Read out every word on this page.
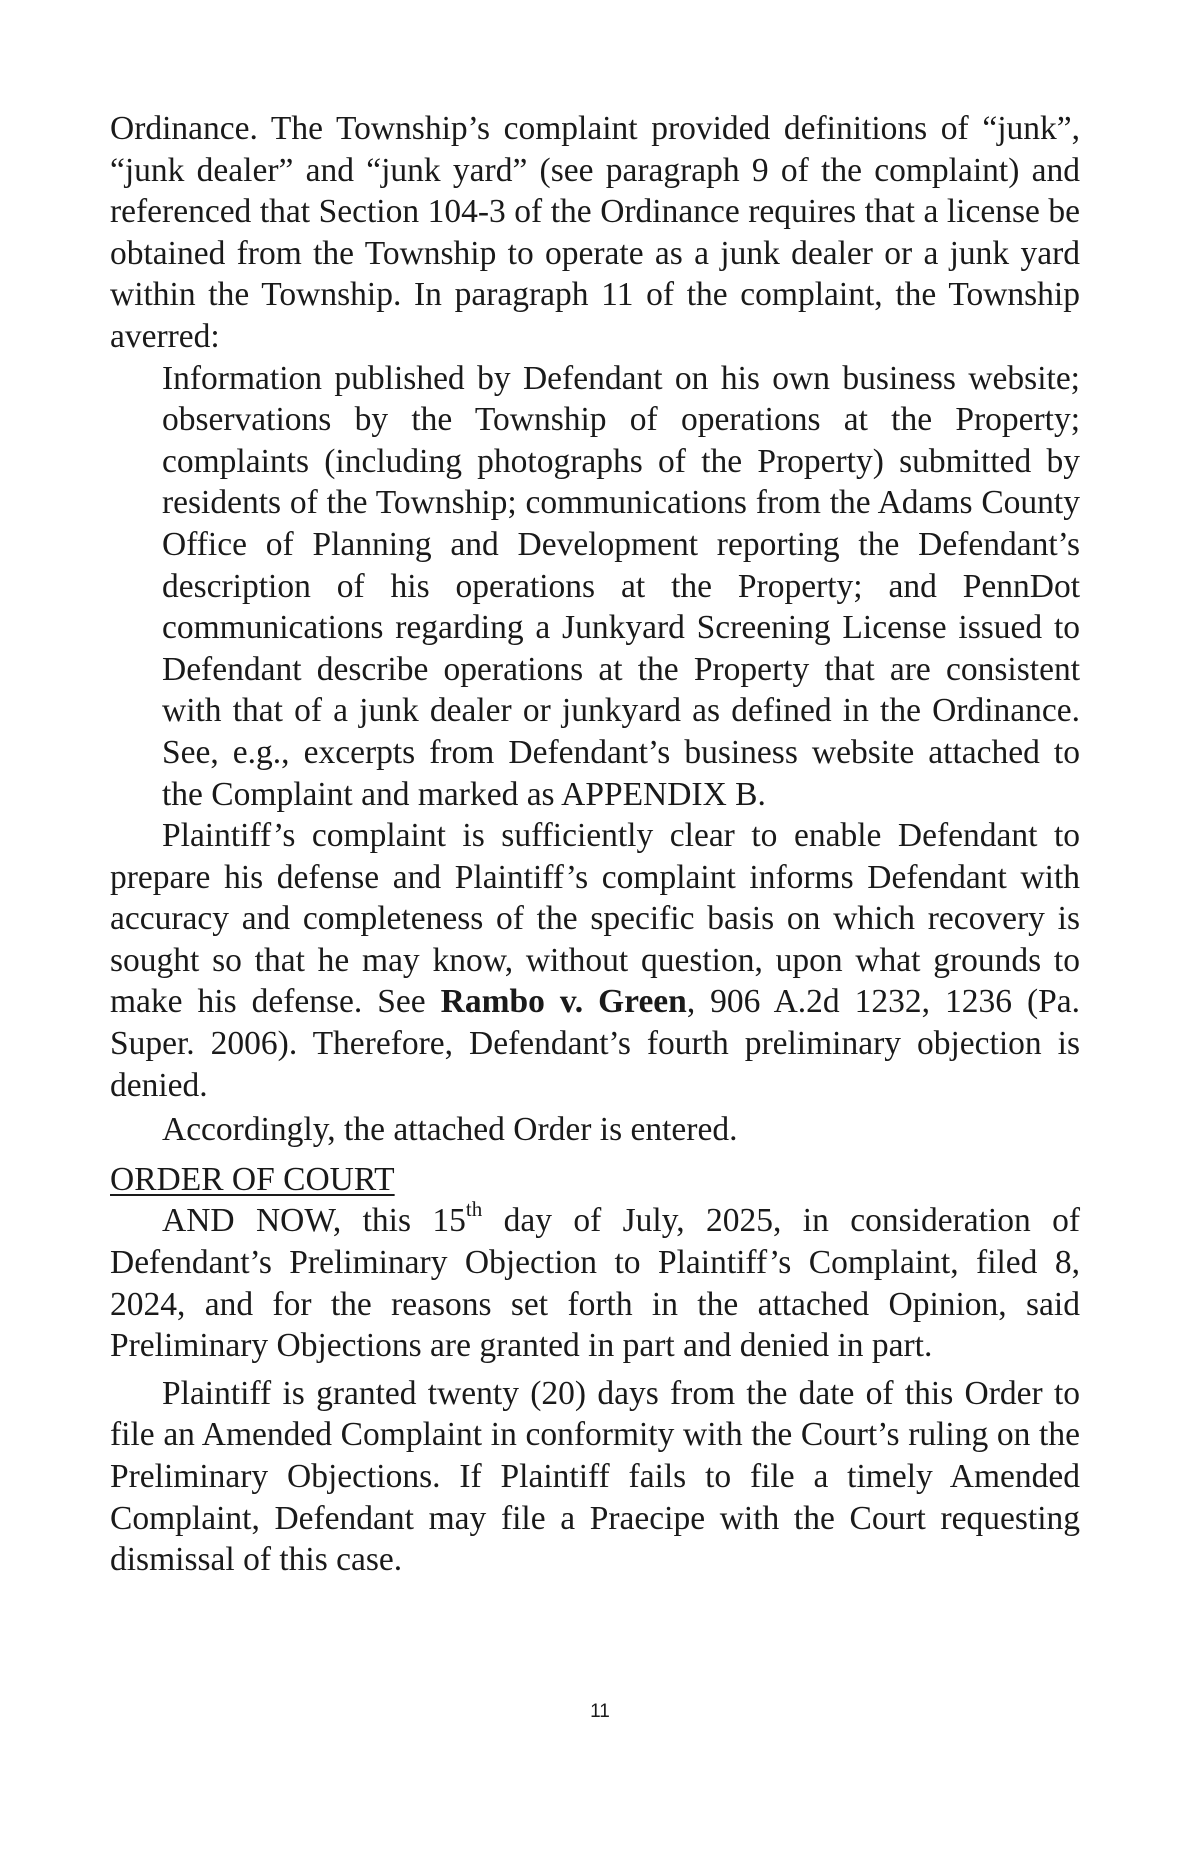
Ordinance. The Township’s complaint provided definitions of “junk”, “junk dealer” and “junk yard” (see paragraph 9 of the complaint) and referenced that Section 104-3 of the Ordinance requires that a license be obtained from the Township to operate as a junk dealer or a junk yard within the Township. In paragraph 11 of the complaint, the Township averred:

Information published by Defendant on his own business website; observations by the Township of operations at the Property; complaints (including photographs of the Property) submitted by residents of the Township; communications from the Adams County Office of Planning and Development reporting the Defendant’s description of his operations at the Property; and PennDot communications regarding a Junkyard Screening License issued to Defendant describe operations at the Property that are consistent with that of a junk dealer or junkyard as defined in the Ordinance. See, e.g., excerpts from Defendant’s business website attached to the Complaint and marked as APPENDIX B.

Plaintiff’s complaint is sufficiently clear to enable Defendant to prepare his defense and Plaintiff’s complaint informs Defendant with accuracy and completeness of the specific basis on which recovery is sought so that he may know, without question, upon what grounds to make his defense. See Rambo v. Green, 906 A.2d 1232, 1236 (Pa. Super. 2006). Therefore, Defendant’s fourth preliminary objection is denied.

Accordingly, the attached Order is entered.

ORDER OF COURT

AND NOW, this 15th day of July, 2025, in consideration of Defendant’s Preliminary Objection to Plaintiff’s Complaint, filed 8, 2024, and for the reasons set forth in the attached Opinion, said Preliminary Objections are granted in part and denied in part.

Plaintiff is granted twenty (20) days from the date of this Order to file an Amended Complaint in conformity with the Court’s ruling on the Preliminary Objections. If Plaintiff fails to file a timely Amended Complaint, Defendant may file a Praecipe with the Court requesting dismissal of this case.

11
